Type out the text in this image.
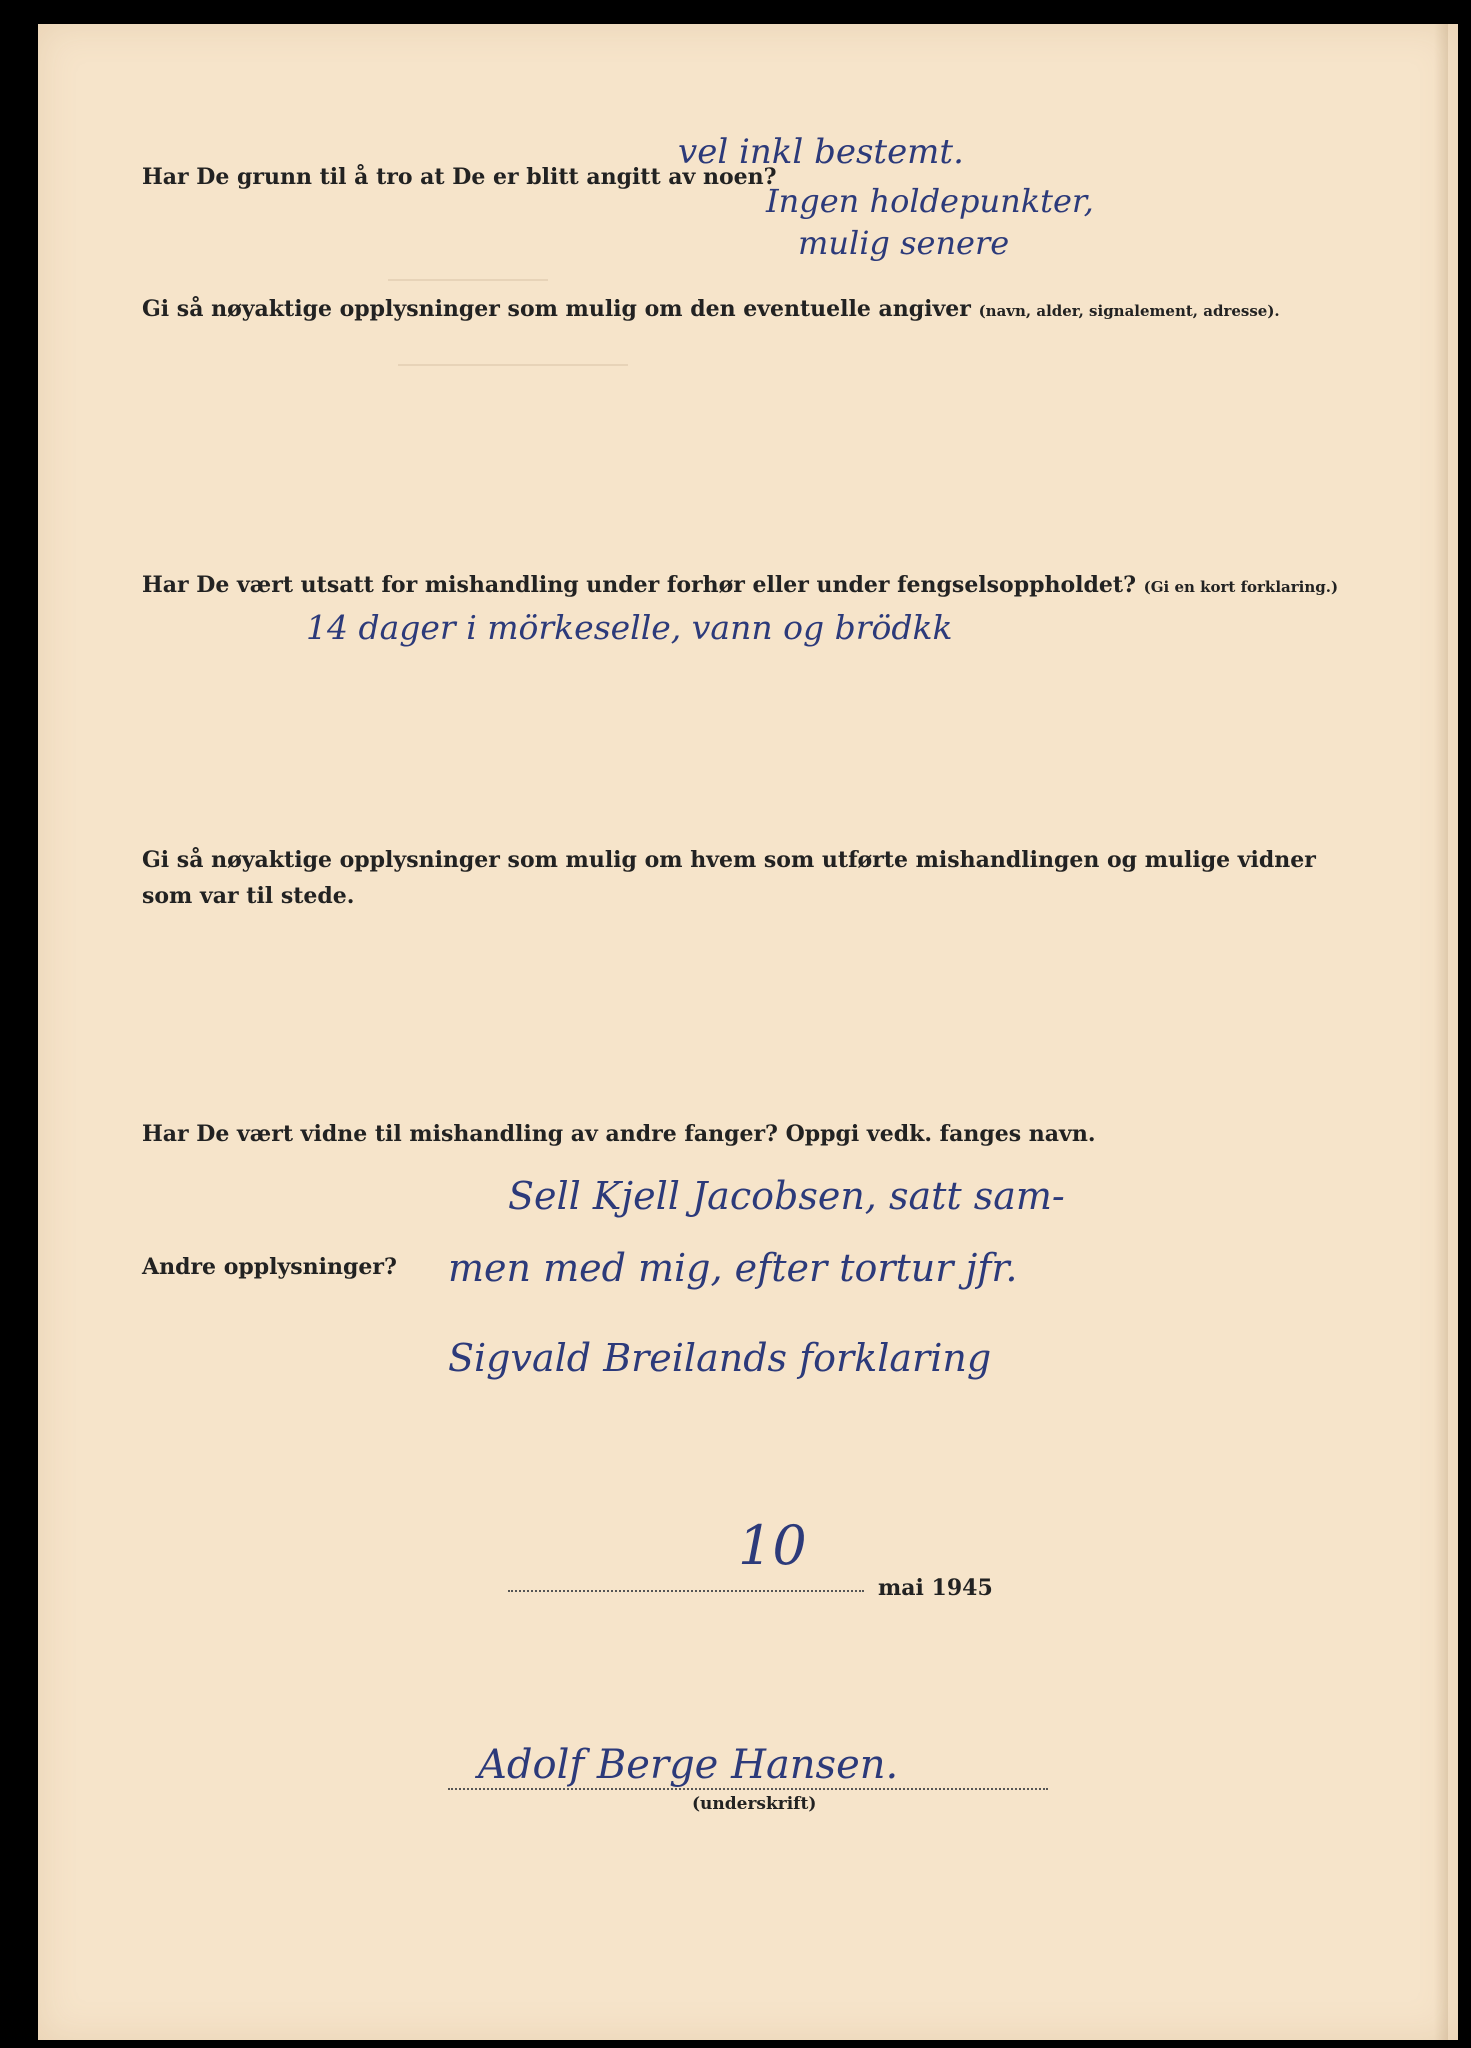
Har De grunn til å tro at De er blitt angitt av noen?
vel inkl bestemt.
Ingen holdepunkter,
mulig senere
Gi så nøyaktige opplysninger som mulig om den eventuelle angiver (navn, alder, signalement, adresse).
Har De vært utsatt for mishandling under forhør eller under fengselsoppholdet? (Gi en kort forklaring.)
14 dager i mörkeselle, vann og brödkk
Gi så nøyaktige opplysninger som mulig om hvem som utførte mishandlingen og mulige vidner
som var til stede.
Har De vært vidne til mishandling av andre fanger? Oppgi vedk. fanges navn.
Sell Kjell Jacobsen, satt sam-
Andre opplysninger? men med mig, efter tortur jfr.
Sigvald Breilands forklaring
10
mai 1945
Adolf Berge Hansen.
(underskrift)
